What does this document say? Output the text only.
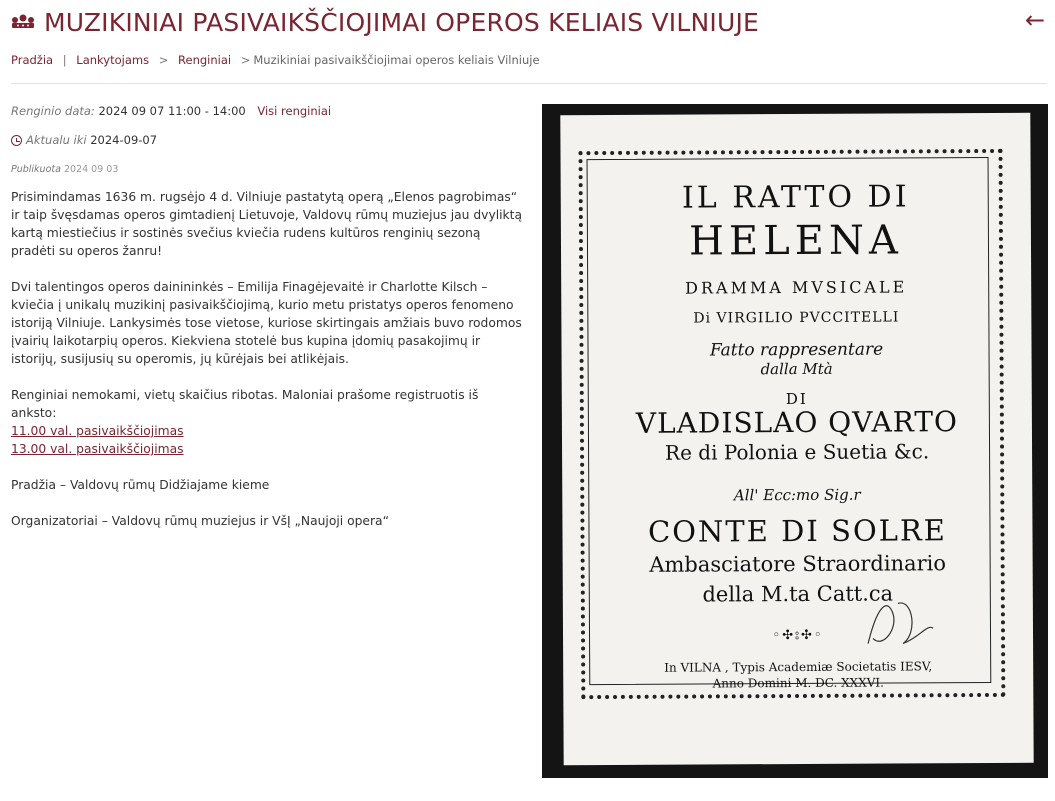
MUZIKINIAI PASIVAIKŠČIOJIMAI OPEROS KELIAIS VILNIUJE	←
Pradžia | Lankytojams > Renginiai > Muzikiniai pasivaikščiojimai operos keliais Vilniuje
Renginio data: 2024 09 07 11:00 - 14:00 Visi renginiai
Aktualu iki 2024-09-07
Publikuota 2024 09 03

Prisimindamas 1636 m. rugsėjo 4 d. Vilniuje pastatytą operą „Elenos pagrobimas“ ir taip švęsdamas operos gimtadienį Lietuvoje, Valdovų rūmų muziejus jau dvyliktą kartą miestiečius ir sostinės svečius kviečia rudens kultūros renginių sezoną pradėti su operos žanru!

Dvi talentingos operos dainininkės – Emilija Finagėjevaitė ir Charlotte Kilsch – kviečia į unikalų muzikinį pasivaikščiojimą, kurio metu pristatys operos fenomeno istoriją Vilniuje. Lankysimės tose vietose, kuriose skirtingais amžiais buvo rodomos įvairių laikotarpių operos. Kiekviena stotelė bus kupina įdomių pasakojimų ir istorijų, susijusių su operomis, jų kūrėjais bei atlikėjais.

Renginiai nemokami, vietų skaičius ribotas. Maloniai prašome registruotis iš anksto:
11.00 val. pasivaikščiojimas
13.00 val. pasivaikščiojimas

Pradžia – Valdovų rūmų Didžiajame kieme

Organizatoriai – Valdovų rūmų muziejus ir VšĮ „Naujoji opera“

IL RATTO DI
HELENA
DRAMMA MVSICALE
Di VIRGILIO PVCCITELLI
Fatto rappresentare
dalla Mtà
DI
VLADISLAO QVARTO
Re di Polonia e Suetia &c.
All' Ecc:mo Sig.r
CONTE DI SOLRE
Ambasciatore Straordinario
della M.ta Catt.ca
◦✣⦂✣◦
In VILNA , Typis Academiæ Societatis IESV,
Anno Domini M. DC. XXXVI.
